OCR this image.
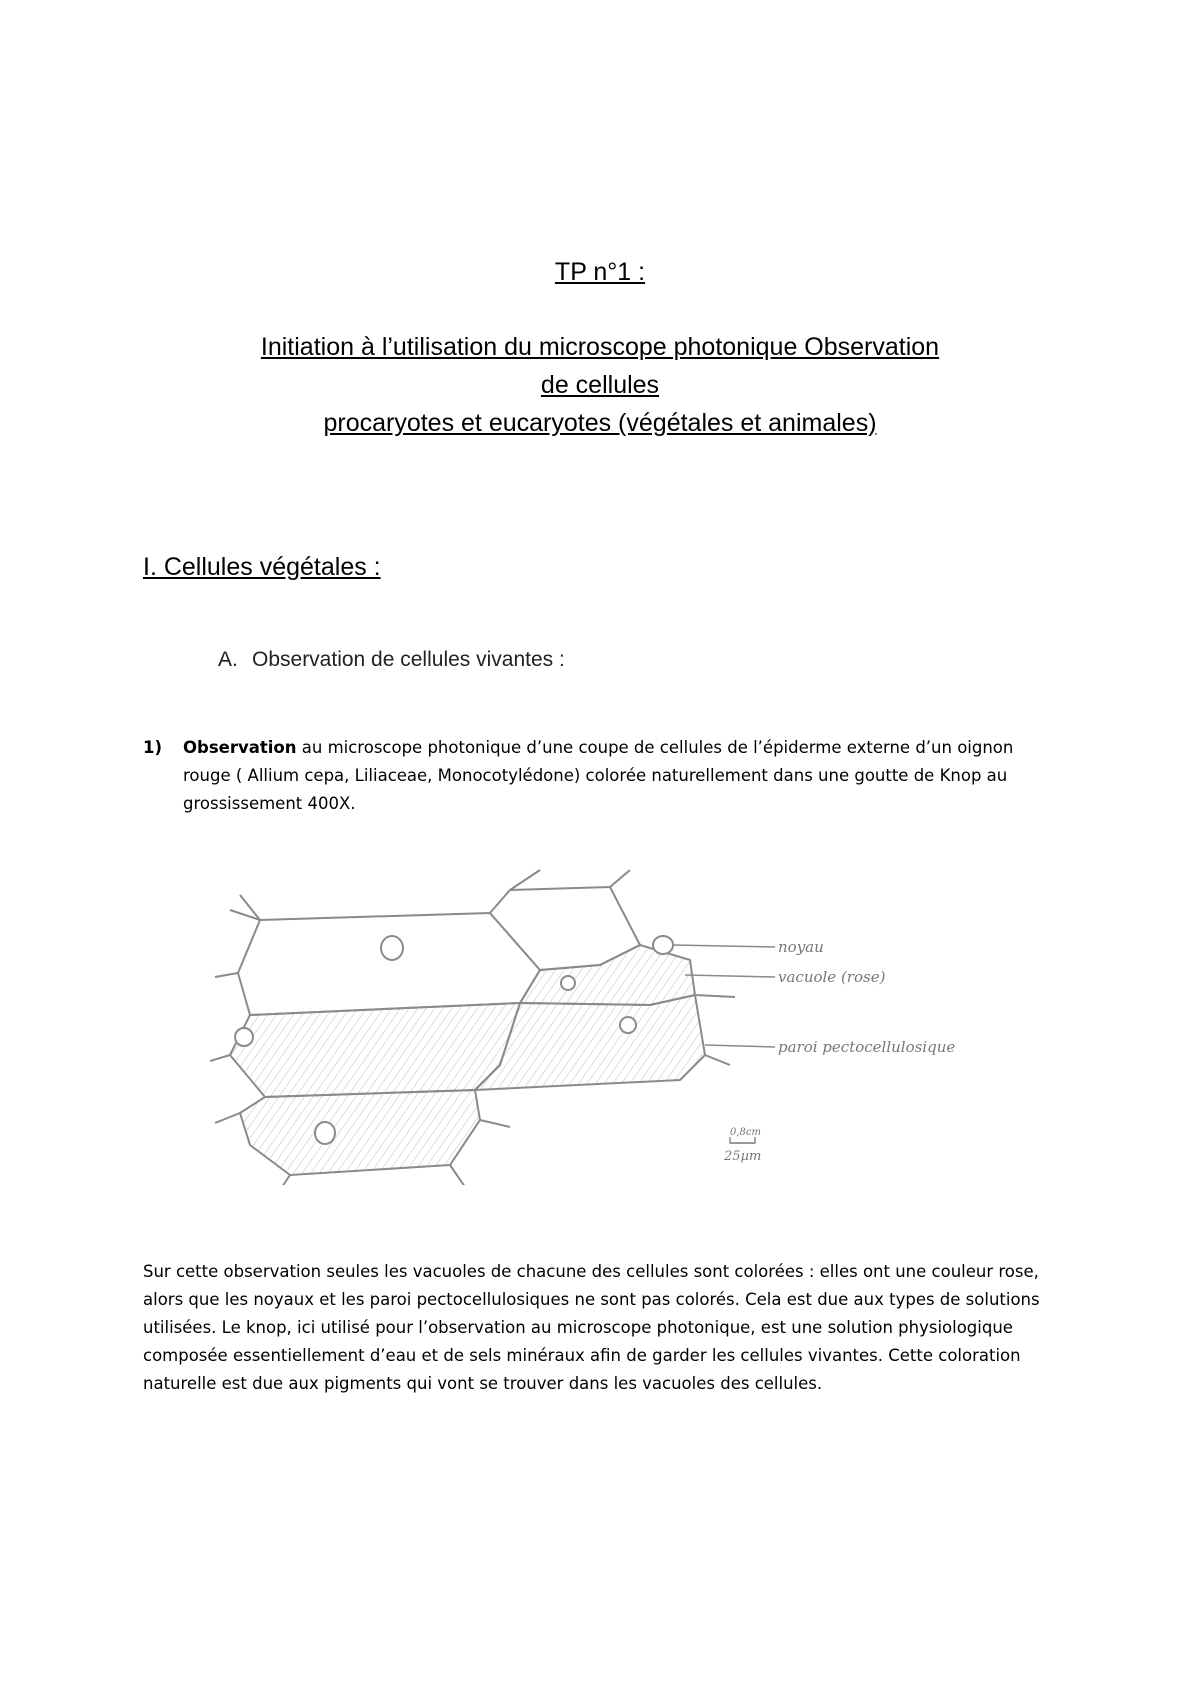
TP n°1 :
Initiation à l’utilisation du microscope photonique Observation
de cellules
procaryotes et eucaryotes (végétales et animales)
I. Cellules végétales :
A. Observation de cellules vivantes :
1) Observation au microscope photonique d’une coupe de cellules de l’épiderme externe d’un oignon rouge ( Allium cepa, Liliaceae, Monocotylédone) colorée naturellement dans une goutte de Knop au grossissement 400X.
noyau
vacuole (rose)
paroi pectocellulosique
0,8cm
25µm
Sur cette observation seules les vacuoles de chacune des cellules sont colorées : elles ont une couleur rose, alors que les noyaux et les paroi pectocellulosiques ne sont pas colorés. Cela est due aux types de solutions utilisées. Le knop, ici utilisé pour l’observation au microscope photonique, est une solution physiologique composée essentiellement d’eau et de sels minéraux afin de garder les cellules vivantes. Cette coloration naturelle est due aux pigments qui vont se trouver dans les vacuoles des cellules.
